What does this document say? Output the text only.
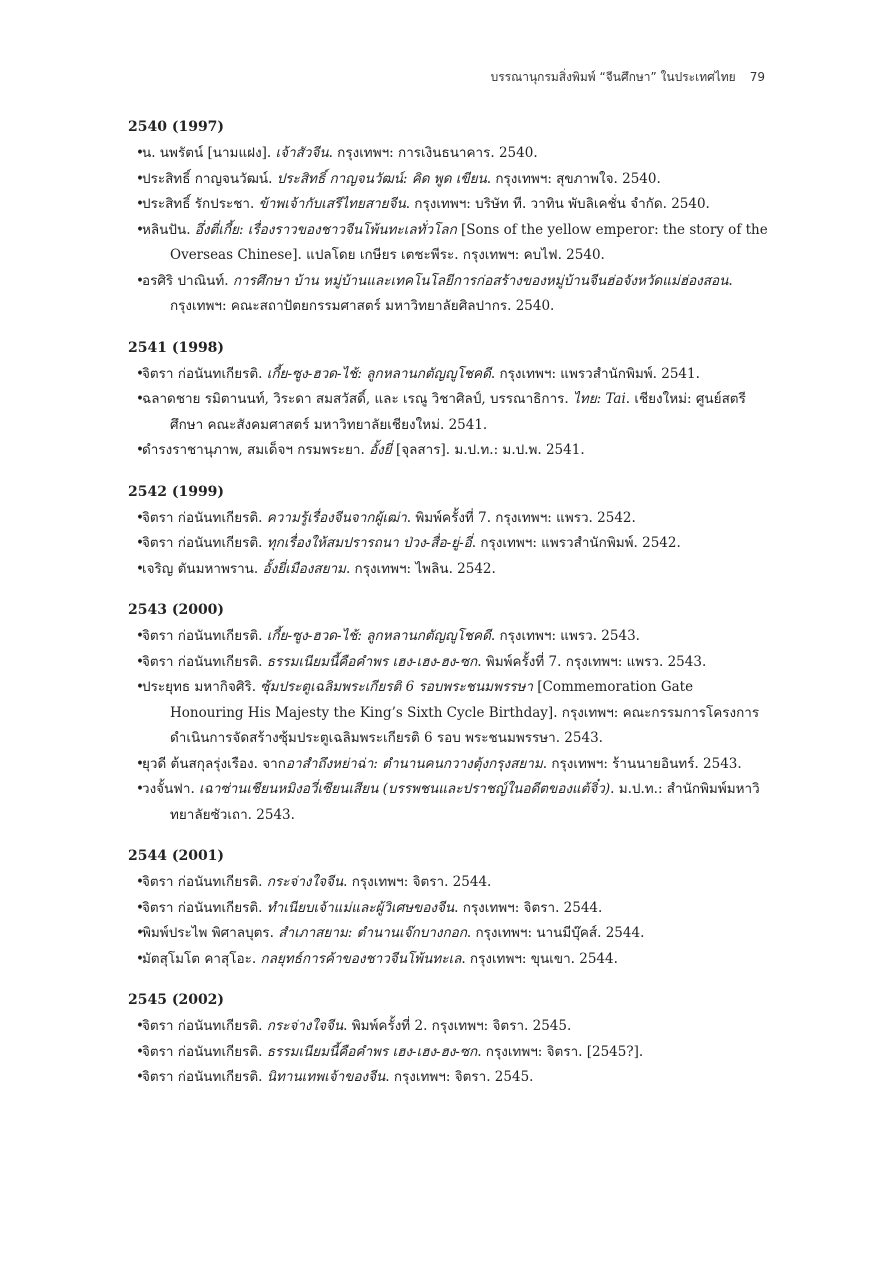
บรรณานุกรมสิ่งพิมพ์ “จีนศึกษา” ในประเทศไทย 79
2540 (1997)
• น. นพรัตน์ [นามแฝง]. เจ้าสัวจีน. กรุงเทพฯ: การเงินธนาคาร. 2540.
• ประสิทธิ์ กาญจนวัฒน์. ประสิทธิ์ กาญจนวัฒน์: คิด พูด เขียน. กรุงเทพฯ: สุขภาพใจ. 2540.
• ประสิทธิ์ รักประชา. ข้าพเจ้ากับเสรีไทยสายจีน. กรุงเทพฯ: บริษัท ที. วาทิน พับลิเคชั่น จำกัด. 2540.
• หลินปัน. อึ่งตี่เกี้ย: เรื่องราวของชาวจีนโพ้นทะเลทั่วโลก [Sons of the yellow emperor: the story of the Overseas Chinese]. แปลโดย เกษียร เตชะพีระ. กรุงเทพฯ: คบไฟ. 2540.
• อรศิริ ปาณินท์. การศึกษา บ้าน หมู่บ้านและเทคโนโลยีการก่อสร้างของหมู่บ้านจีนฮ่อจังหวัดแม่ฮ่องสอน. กรุงเทพฯ: คณะสถาปัตยกรรมศาสตร์ มหาวิทยาลัยศิลปากร. 2540.
2541 (1998)
• จิตรา ก่อนันทเกียรติ. เกี้ย-ซูง-ฮวด-ไช้: ลูกหลานกตัญญูโชคดี. กรุงเทพฯ: แพรวสำนักพิมพ์. 2541.
• ฉลาดชาย รมิตานนท์, วิระดา สมสวัสดิ์, และ เรณู วิชาศิลป์, บรรณาธิการ. ไทย: Tai. เชียงใหม่: ศูนย์สตรีศึกษา คณะสังคมศาสตร์ มหาวิทยาลัยเชียงใหม่. 2541.
• ดำรงราชานุภาพ, สมเด็จฯ กรมพระยา. อั้งยี่ [จุลสาร]. ม.ป.ท.: ม.ป.พ. 2541.
2542 (1999)
• จิตรา ก่อนันทเกียรติ. ความรู้เรื่องจีนจากผู้เฒ่า. พิมพ์ครั้งที่ 7. กรุงเทพฯ: แพรว. 2542.
• จิตรา ก่อนันทเกียรติ. ทุกเรื่องให้สมปรารถนา ป่วง-สื่อ-ยู่-อี่. กรุงเทพฯ: แพรวสำนักพิมพ์. 2542.
• เจริญ ตันมหาพราน. อั้งยี่เมืองสยาม. กรุงเทพฯ: ไพลิน. 2542.
2543 (2000)
• จิตรา ก่อนันทเกียรติ. เกี้ย-ซูง-ฮวด-ไช้: ลูกหลานกตัญญูโชคดี. กรุงเทพฯ: แพรว. 2543.
• จิตรา ก่อนันทเกียรติ. ธรรมเนียมนี้คือคำพร เฮง-เฮง-ฮง-ซก. พิมพ์ครั้งที่ 7. กรุงเทพฯ: แพรว. 2543.
• ประยุทธ มหากิจศิริ. ซุ้มประตูเฉลิมพระเกียรติ 6 รอบพระชนมพรรษา [Commemoration Gate Honouring His Majesty the King’s Sixth Cycle Birthday]. กรุงเทพฯ: คณะกรรมการโครงการดำเนินการจัดสร้างซุ้มประตูเฉลิมพระเกียรติ 6 รอบ พระชนมพรรษา. 2543.
• ยุวดี ต้นสกุลรุ่งเรือง. จากอาสำถึงหย่าฉ่า: ตำนานคนกวางตุ้งกรุงสยาม. กรุงเทพฯ: ร้านนายอินทร์. 2543.
• วงจั้นฟา. เฉาซ่านเชียนหมิงอวี่เซียนเสียน (บรรพชนและปราชญ์ในอดีตของแต้จิ๋ว). ม.ป.ท.: สำนักพิมพ์มหาวิทยาลัยซัวเถา. 2543.
2544 (2001)
• จิตรา ก่อนันทเกียรติ. กระจ่างใจจีน. กรุงเทพฯ: จิตรา. 2544.
• จิตรา ก่อนันทเกียรติ. ทำเนียบเจ้าแม่และผู้วิเศษของจีน. กรุงเทพฯ: จิตรา. 2544.
• พิมพ์ประไพ พิศาลบุตร. สำเภาสยาม: ตำนานเจ๊กบางกอก. กรุงเทพฯ: นานมีบุ๊คส์. 2544.
• มัตสุโมโต คาสุโอะ. กลยุทธ์การค้าของชาวจีนโพ้นทะเล. กรุงเทพฯ: ขุนเขา. 2544.
2545 (2002)
• จิตรา ก่อนันทเกียรติ. กระจ่างใจจีน. พิมพ์ครั้งที่ 2. กรุงเทพฯ: จิตรา. 2545.
• จิตรา ก่อนันทเกียรติ. ธรรมเนียมนี้คือคำพร เฮง-เฮง-ฮง-ซก. กรุงเทพฯ: จิตรา. [2545?].
• จิตรา ก่อนันทเกียรติ. นิทานเทพเจ้าของจีน. กรุงเทพฯ: จิตรา. 2545.
